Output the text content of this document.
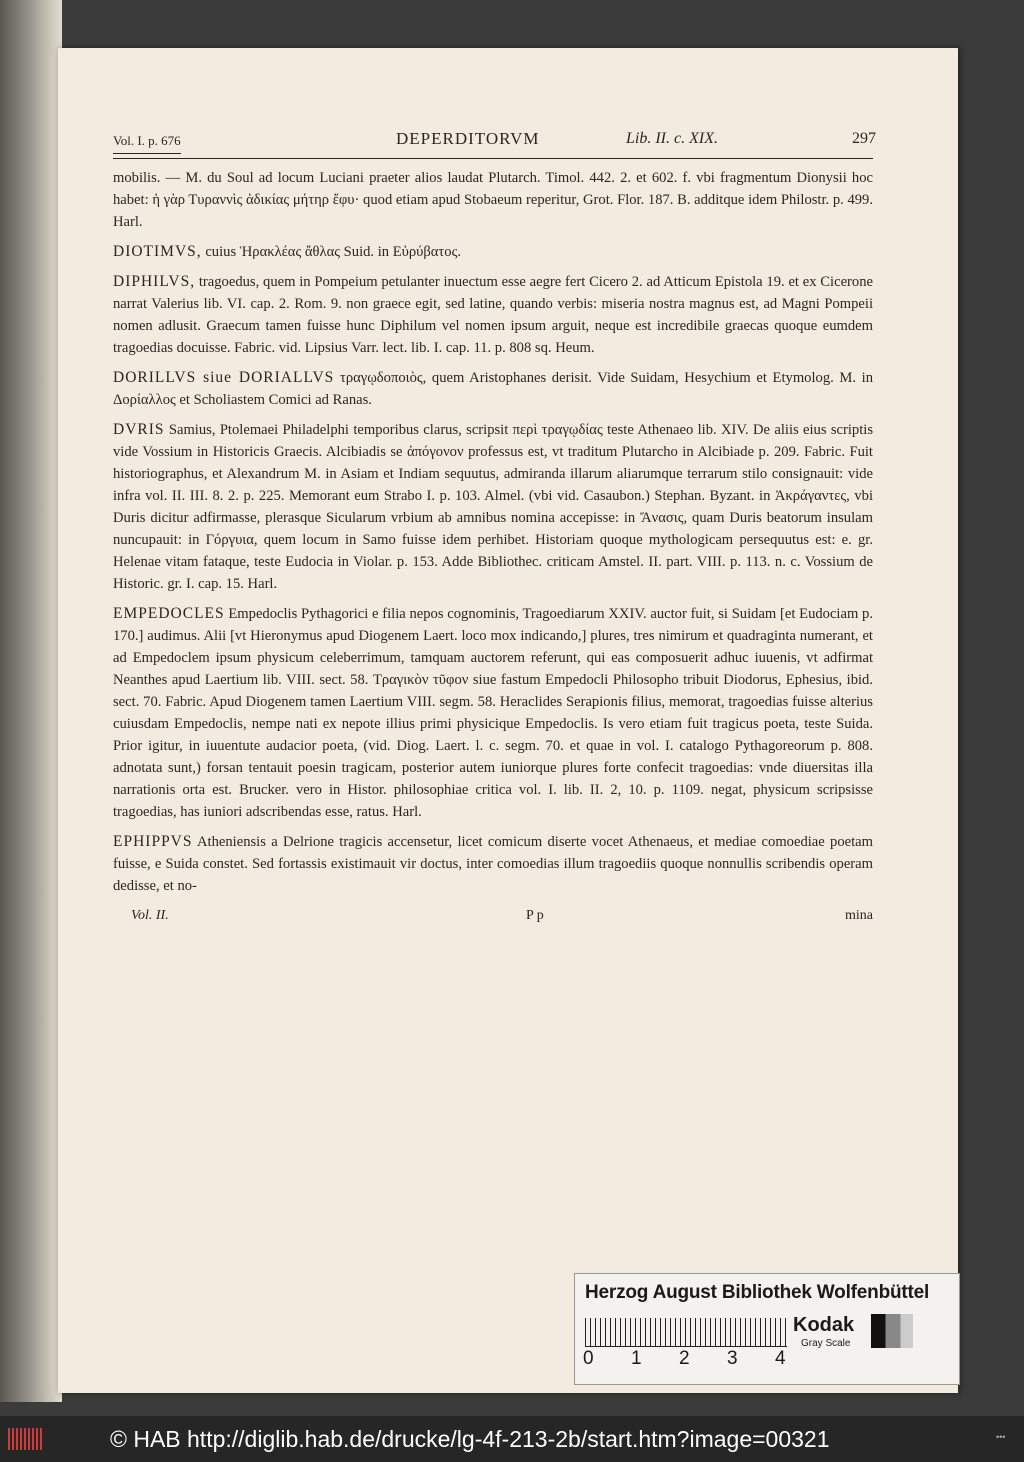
Vol. I. p. 676	DEPERDITORVM	Lib. II. c. XIX.	297

mobilis. — M. du Soul ad locum Luciani praeter alios laudat Plutarch. Timol. 442. 2. et 602. f. vbi fragmentum Dionysii hoc habet: ἡ γὰρ Τυραννὶς ἀδικίας μήτηρ ἔφυ· quod etiam apud Stobaeum reperitur, Grot. Flor. 187. B. additque idem Philostr. p. 499. Harl.

DIOTIMVS, cuius Ἡρακλέας ἄθλας Suid. in Εὐρύβατος.

DIPHILVS, tragoedus, quem in Pompeium petulanter inuectum esse aegre fert Cicero 2. ad Atticum Epistola 19. et ex Cicerone narrat Valerius lib. VI. cap. 2. Rom. 9. non graece egit, sed latine, quando verbis: miseria nostra magnus est, ad Magni Pompeii nomen adlusit. Graecum tamen fuisse hunc Diphilum vel nomen ipsum arguit, neque est incredibile graecas quoque eumdem tragoedias docuisse. Fabric. vid. Lipsius Varr. lect. lib. I. cap. 11. p. 808 sq. Heum.

DORILLVS siue DORIALLVS τραγῳδοποιὸς, quem Aristophanes derisit. Vide Suidam, Hesychium et Etymolog. M. in Δορίαλλος et Scholiastem Comici ad Ranas.

DVRIS Samius, Ptolemaei Philadelphi temporibus clarus, scripsit περὶ τραγῳδίας teste Athenaeo lib. XIV. De aliis eius scriptis vide Vossium in Historicis Graecis. Alcibiadis se ἀπόγονον professus est, vt traditum Plutarcho in Alcibiade p. 209. Fabric. Fuit historiographus, et Alexandrum M. in Asiam et Indiam sequutus, admiranda illarum aliarumque terrarum stilo consignauit: vide infra vol. II. III. 8. 2. p. 225. Memorant eum Strabo I. p. 103. Almel. (vbi vid. Casaubon.) Stephan. Byzant. in Ἀκράγαντες, vbi Duris dicitur adfirmasse, plerasque Sicularum vrbium ab amnibus nomina accepisse: in Ἄνασις, quam Duris beatorum insulam nuncupauit: in Γόργυια, quem locum in Samo fuisse idem perhibet. Historiam quoque mythologicam persequutus est: e. gr. Helenae vitam fataque, teste Eudocia in Violar. p. 153. Adde Bibliothec. criticam Amstel. II. part. VIII. p. 113. n. c. Vossium de Historic. gr. I. cap. 15. Harl.

EMPEDOCLES Empedoclis Pythagorici e filia nepos cognominis, Tragoediarum XXIV. auctor fuit, si Suidam [et Eudociam p. 170.] audimus. Alii [vt Hieronymus apud Diogenem Laert. loco mox indicando,] plures, tres nimirum et quadraginta numerant, et ad Empedoclem ipsum physicum celeberrimum, tamquam auctorem referunt, qui eas composuerit adhuc iuuenis, vt adfirmat Neanthes apud Laertium lib. VIII. sect. 58. Τραγικὸν τῦφον siue fastum Empedocli Philosopho tribuit Diodorus, Ephesius, ibid. sect. 70. Fabric. Apud Diogenem tamen Laertium VIII. segm. 58. Heraclides Serapionis filius, memorat, tragoedias fuisse alterius cuiusdam Empedoclis, nempe nati ex nepote illius primi physicique Empedoclis. Is vero etiam fuit tragicus poeta, teste Suida. Prior igitur, in iuuentute audacior poeta, (vid. Diog. Laert. l. c. segm. 70. et quae in vol. I. catalogo Pythagoreorum p. 808. adnotata sunt,) forsan tentauit poesin tragicam, posterior autem iuniorque plures forte confecit tragoedias: vnde diuersitas illa narrationis orta est. Brucker. vero in Histor. philosophiae critica vol. I. lib. II. 2, 10. p. 1109. negat, physicum scripsisse tragoedias, has iuniori adscribendas esse, ratus. Harl.

EPHIPPVS Atheniensis a Delrione tragicis accensetur, licet comicum diserte vocet Athenaeus, et mediae comoediae poetam fuisse, e Suida constet. Sed fortassis existimauit vir doctus, inter comoedias illum tragoediis quoque nonnullis scribendis operam dedisse, et no-

Vol. II.	P p	mina
Herzog August Bibliothek Wolfenbüttel
0 1 2 3 4
Kodak
Gray Scale
© HAB http://diglib.hab.de/drucke/lg-4f-213-2b/start.htm?image=00321	•••
